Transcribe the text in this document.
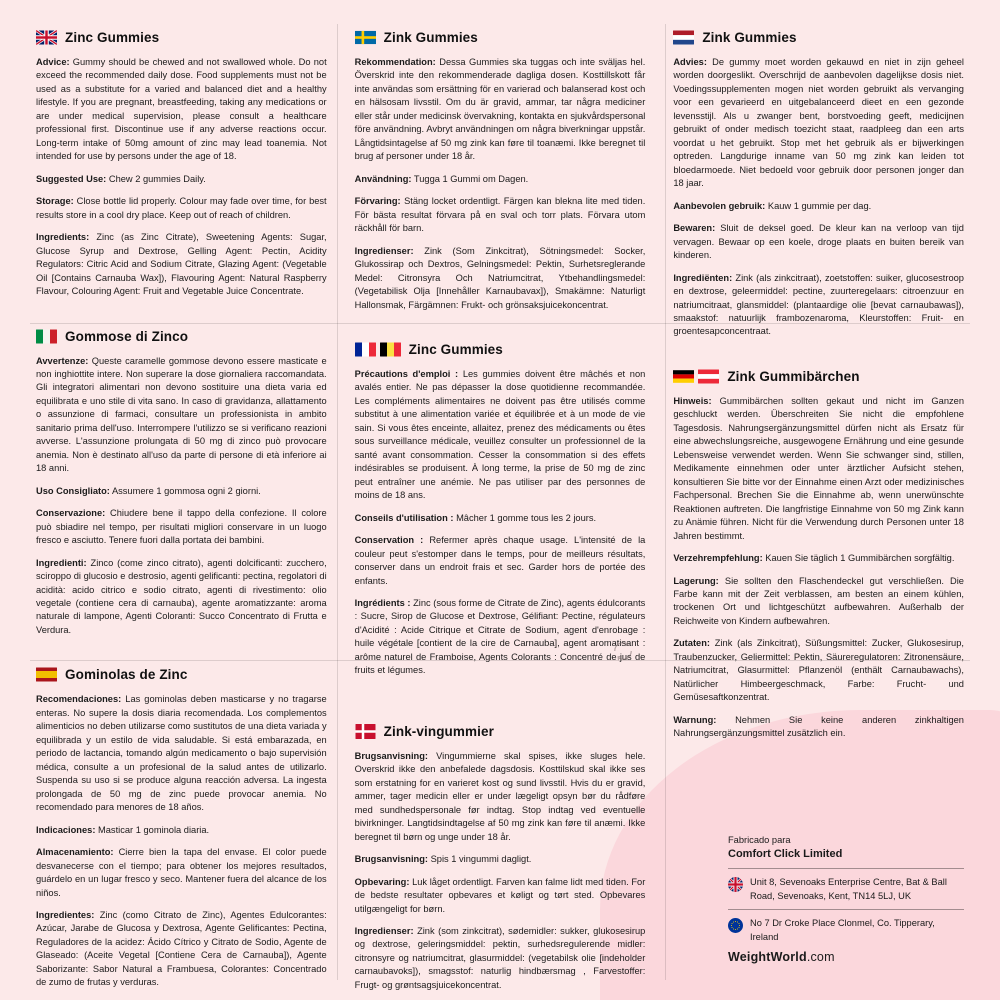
Zinc Gummies

Advice: Gummy should be chewed and not swallowed whole. Do not exceed the recommended daily dose. Food supplements must not be used as a substitute for a varied and balanced diet and a healthy lifestyle. If you are pregnant, breastfeeding, taking any medications or are under medical supervision, please consult a healthcare professional first. Discontinue use if any adverse reactions occur. Long-term intake of 50mg amount of zinc may lead toanemia. Not intended for use by persons under the age of 18.

Suggested Use: Chew 2 gummies Daily.

Storage: Close bottle lid properly. Colour may fade over time, for best results store in a cool dry place. Keep out of reach of children.

Ingredients: Zinc (as Zinc Citrate), Sweetening Agents: Sugar, Glucose Syrup and Dextrose, Gelling Agent: Pectin, Acidity Regulators: Citric Acid and Sodium Citrate, Glazing Agent: (Vegetable Oil [Contains Carnauba Wax]), Flavouring Agent: Natural Raspberry Flavour, Colouring Agent: Fruit and Vegetable Juice Concentrate.

Gommose di Zinco

Avvertenze: Queste caramelle gommose devono essere masticate e non inghiottite intere. Non superare la dose giornaliera raccomandata. Gli integratori alimentari non devono sostituire una dieta varia ed equilibrata e uno stile di vita sano. In caso di gravidanza, allattamento o assunzione di farmaci, consultare un professionista in ambito sanitario prima dell'uso. Interrompere l'utilizzo se si verificano reazioni avverse. L'assunzione prolungata di 50 mg di zinco può provocare anemia. Non è destinato all'uso da parte di persone di età inferiore ai 18 anni.

Uso Consigliato: Assumere 1 gommosa ogni 2 giorni.

Conservazione: Chiudere bene il tappo della confezione. Il colore può sbiadire nel tempo, per risultati migliori conservare in un luogo fresco e asciutto. Tenere fuori dalla portata dei bambini.

Ingredienti: Zinco (come zinco citrato), agenti dolcificanti: zucchero, sciroppo di glucosio e destrosio, agenti gelificanti: pectina, regolatori di acidità: acido citrico e sodio citrato, agenti di rivestimento: olio vegetale (contiene cera di carnauba), agente aromatizzante: aroma naturale di lampone, Agenti Coloranti: Succo Concentrato di Frutta e Verdura.

Gominolas de Zinc

Recomendaciones: Las gominolas deben masticarse y no tragarse enteras. No supere la dosis diaria recomendada. Los complementos alimenticios no deben utilizarse como sustitutos de una dieta variada y equilibrada y un estilo de vida saludable. Si está embarazada, en periodo de lactancia, tomando algún medicamento o bajo supervisión médica, consulte a un profesional de la salud antes de utilizarlo. Suspenda su uso si se produce alguna reacción adversa. La ingesta prolongada de 50 mg de zinc puede provocar anemia. No recomendado para menores de 18 años.

Indicaciones: Masticar 1 gominola diaria.

Almacenamiento: Cierre bien la tapa del envase. El color puede desvanecerse con el tiempo; para obtener los mejores resultados, guárdelo en un lugar fresco y seco. Mantener fuera del alcance de los niños.

Ingredientes: Zinc (como Citrato de Zinc), Agentes Edulcorantes: Azúcar, Jarabe de Glucosa y Dextrosa, Agente Gelificantes: Pectina, Reguladores de la acidez: Ácido Cítrico y Citrato de Sodio, Agente de Glaseado: (Aceite Vegetal [Contiene Cera de Carnauba]), Agente Saborizante: Sabor Natural a Frambuesa, Colorantes: Concentrado de zumo de frutas y verduras.

Zink Gummies

Rekommendation: Dessa Gummies ska tuggas och inte sväljas hel. Överskrid inte den rekommenderade dagliga dosen. Kosttillskott får inte användas som ersättning för en varierad och balanserad kost och en hälsosam livsstil. Om du är gravid, ammar, tar några mediciner eller står under medicinsk övervakning, kontakta en sjukvårdspersonal före användning. Avbryt användningen om några biverkningar uppstår. Långtidsintagelse af 50 mg zink kan føre til toanæmi. Ikke beregnet til brug af personer under 18 år.

Användning: Tugga 1 Gummi om Dagen.

Förvaring: Stäng locket ordentligt. Färgen kan blekna lite med tiden. För bästa resultat förvara på en sval och torr plats. Förvara utom räckhåll för barn.

Ingredienser: Zink (Som Zinkcitrat), Sötningsmedel: Socker, Glukossirap och Dextros, Gelningsmedel: Pektin, Surhetsreglerande Medel: Citronsyra Och Natriumcitrat, Ytbehandlingsmedel: (Vegetabilisk Olja [Innehåller Karnaubavax]), Smakämne: Naturligt Hallonsmak, Färgämnen: Frukt- och grönsaksjuicekoncentrat.

Zinc Gummies

Précautions d'emploi : Les gummies doivent être mâchés et non avalés entier. Ne pas dépasser la dose quotidienne recommandée. Les compléments alimentaires ne doivent pas être utilisés comme substitut à une alimentation variée et équilibrée et à un mode de vie sain. Si vous êtes enceinte, allaitez, prenez des médicaments ou êtes sous surveillance médicale, veuillez consulter un professionnel de la santé avant consommation. Cesser la consommation si des effets indésirables se produisent. À long terme, la prise de 50 mg de zinc peut entraîner une anémie. Ne pas utiliser par des personnes de moins de 18 ans.

Conseils d'utilisation : Mâcher 1 gomme tous les 2 jours.

Conservation : Refermer après chaque usage. L'intensité de la couleur peut s'estomper dans le temps, pour de meilleurs résultats, conserver dans un endroit frais et sec. Garder hors de portée des enfants.

Ingrédients : Zinc (sous forme de Citrate de Zinc), agents édulcorants : Sucre, Sirop de Glucose et Dextrose, Gélifiant: Pectine, régulateurs d'Acidité : Acide Citrique et Citrate de Sodium, agent d'enrobage : huile végétale [contient de la cire de Carnauba], agent aromatisant : arôme naturel de Framboise, Agents Colorants : Concentré de jus de fruits et légumes.

Zink-vingummier

Brugsanvisning: Vingummierne skal spises, ikke sluges hele. Overskrid ikke den anbefalede dagsdosis. Kosttilskud skal ikke ses som erstatning for en varieret kost og sund livsstil. Hvis du er gravid, ammer, tager medicin eller er under lægeligt opsyn bør du rådføre med sundhedspersonale før indtag. Stop indtag ved eventuelle bivirkninger. Langtidsindtagelse af 50 mg zink kan føre til anæmi. Ikke beregnet til børn og unge under 18 år.

Brugsanvisning: Spis 1 vingummi dagligt.

Opbevaring: Luk låget ordentligt. Farven kan falme lidt med tiden. For de bedste resultater opbevares et køligt og tørt sted. Opbevares utilgængeligt for børn.

Ingredienser: Zink (som zinkcitrat), sødemidler: sukker, glukosesirup og dextrose, geleringsmiddel: pektin, surhedsregulerende midler: citronsyre og natriumcitrat, glasurmiddel: (vegetabilsk olie [indeholder carnaubavoks]), smagsstof: naturlig hindbærsmag , Farvestoffer: Frugt- og grøntsagsjuicekoncentrat.

Zink Gummies

Advies: De gummy moet worden gekauwd en niet in zijn geheel worden doorgeslikt. Overschrijd de aanbevolen dagelijkse dosis niet. Voedingssupplementen mogen niet worden gebruikt als vervanging voor een gevarieerd en uitgebalanceerd dieet en een gezonde levensstijl. Als u zwanger bent, borstvoeding geeft, medicijnen gebruikt of onder medisch toezicht staat, raadpleeg dan een arts voordat u het gebruikt. Stop met het gebruik als er bijwerkingen optreden. Langdurige inname van 50 mg zink kan leiden tot bloedarmoede. Niet bedoeld voor gebruik door personen jonger dan 18 jaar.

Aanbevolen gebruik: Kauw 1 gummie per dag.

Bewaren: Sluit de deksel goed. De kleur kan na verloop van tijd vervagen. Bewaar op een koele, droge plaats en buiten bereik van kinderen.

Ingrediënten: Zink (als zinkcitraat), zoetstoffen: suiker, glucosestroop en dextrose, geleermiddel: pectine, zuurteregelaars: citroenzuur en natriumcitraat, glansmiddel: (plantaardige olie [bevat carnaubawas]), smaakstof: natuurlijk frambozenaroma, Kleurstoffen: Fruit- en groentesapconcentraat.

Zink Gummibärchen

Hinweis: Gummibärchen sollten gekaut und nicht im Ganzen geschluckt werden. Überschreiten Sie nicht die empfohlene Tagesdosis. Nahrungsergänzungsmittel dürfen nicht als Ersatz für eine abwechslungsreiche, ausgewogene Ernährung und eine gesunde Lebensweise verwendet werden. Wenn Sie schwanger sind, stillen, Medikamente einnehmen oder unter ärztlicher Aufsicht stehen, konsultieren Sie bitte vor der Einnahme einen Arzt oder medizinisches Fachpersonal. Brechen Sie die Einnahme ab, wenn unerwünschte Reaktionen auftreten. Die langfristige Einnahme von 50 mg Zink kann zu Anämie führen. Nicht für die Verwendung durch Personen unter 18 Jahren bestimmt.

Verzehrempfehlung: Kauen Sie täglich 1 Gummibärchen sorgfältig.

Lagerung: Sie sollten den Flaschendeckel gut verschließen. Die Farbe kann mit der Zeit verblassen, am besten an einem kühlen, trockenen Ort und lichtgeschützt aufbewahren. Außerhalb der Reichweite von Kindern aufbewahren.

Zutaten: Zink (als Zinkcitrat), Süßungsmittel: Zucker, Glukosesirup, Traubenzucker, Geliermittel: Pektin, Säureregulatoren: Zitronensäure, Natriumcitrat, Glasurmittel: Pflanzenöl (enthält Carnaubawachs), Natürlicher Himbeergeschmack, Farbe: Frucht- und Gemüsesaftkonzentrat.

Warnung: Nehmen Sie keine anderen zinkhaltigen Nahrungsergänzungsmittel zusätzlich ein.

Fabricado para
Comfort Click Limited
Unit 8, Sevenoaks Enterprise Centre, Bat & Ball Road, Sevenoaks, Kent, TN14 5LJ, UK
No 7 Dr Croke Place Clonmel, Co. Tipperary, Ireland
WeightWorld.com
